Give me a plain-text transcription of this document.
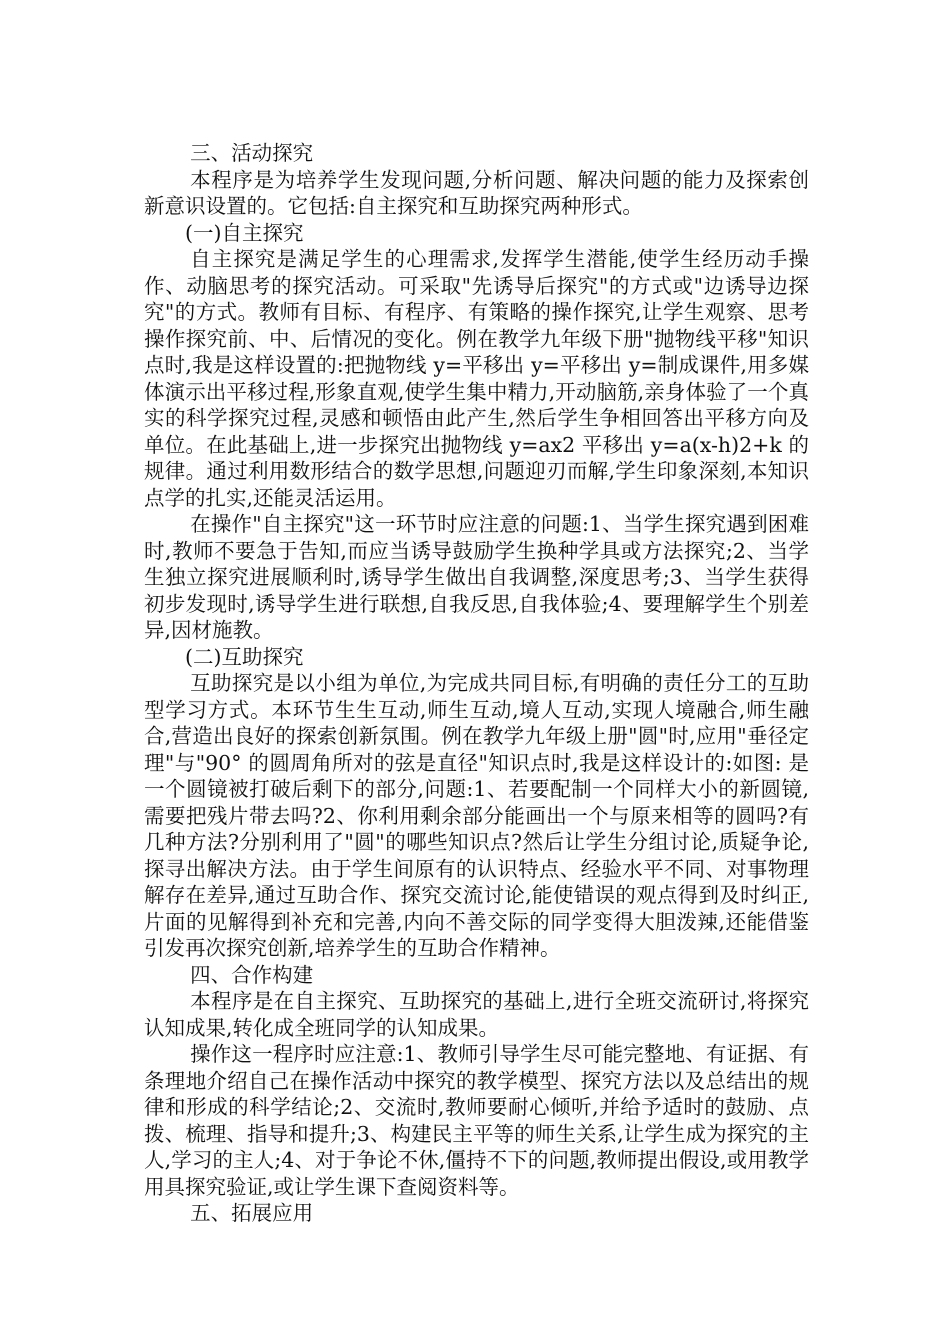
三、活动探究

本程序是为培养学生发现问题,分析问题、解决问题的能力及探索创新意识设置的。它包括:自主探究和互助探究两种形式。

(一)自主探究

自主探究是满足学生的心理需求,发挥学生潜能,使学生经历动手操作、动脑思考的探究活动。可采取"先诱导后探究"的方式或"边诱导边探究"的方式。教师有目标、有程序、有策略的操作探究,让学生观察、思考操作探究前、中、后情况的变化。例在教学九年级下册"抛物线平移"知识点时,我是这样设置的:把抛物线 y=平移出 y=平移出 y=制成课件,用多媒体演示出平移过程,形象直观,使学生集中精力,开动脑筋,亲身体验了一个真实的科学探究过程,灵感和顿悟由此产生,然后学生争相回答出平移方向及单位。在此基础上,进一步探究出抛物线 y=ax2 平移出 y=a(x-h)2+k 的规律。通过利用数形结合的数学思想,问题迎刃而解,学生印象深刻,本知识点学的扎实,还能灵活运用。

在操作"自主探究"这一环节时应注意的问题:1、当学生探究遇到困难时,教师不要急于告知,而应当诱导鼓励学生换种学具或方法探究;2、当学生独立探究进展顺利时,诱导学生做出自我调整,深度思考;3、当学生获得初步发现时,诱导学生进行联想,自我反思,自我体验;4、要理解学生个别差异,因材施教。

(二)互助探究

互助探究是以小组为单位,为完成共同目标,有明确的责任分工的互助型学习方式。本环节生生互动,师生互动,境人互动,实现人境融合,师生融合,营造出良好的探索创新氛围。例在教学九年级上册"圆"时,应用"垂径定理"与"90° 的圆周角所对的弦是直径"知识点时,我是这样设计的:如图: 是一个圆镜被打破后剩下的部分,问题:1、若要配制一个同样大小的新圆镜,需要把残片带去吗?2、你利用剩余部分能画出一个与原来相等的圆吗?有几种方法?分别利用了"圆"的哪些知识点?然后让学生分组讨论,质疑争论,探寻出解决方法。由于学生间原有的认识特点、经验水平不同、对事物理解存在差异,通过互助合作、探究交流讨论,能使错误的观点得到及时纠正,片面的见解得到补充和完善,内向不善交际的同学变得大胆泼辣,还能借鉴引发再次探究创新,培养学生的互助合作精神。

四、合作构建

本程序是在自主探究、互助探究的基础上,进行全班交流研讨,将探究认知成果,转化成全班同学的认知成果。

操作这一程序时应注意:1、教师引导学生尽可能完整地、有证据、有条理地介绍自己在操作活动中探究的教学模型、探究方法以及总结出的规律和形成的科学结论;2、交流时,教师要耐心倾听,并给予适时的鼓励、点拨、梳理、指导和提升;3、构建民主平等的师生关系,让学生成为探究的主人,学习的主人;4、对于争论不休,僵持不下的问题,教师提出假设,或用教学用具探究验证,或让学生课下查阅资料等。

五、拓展应用
